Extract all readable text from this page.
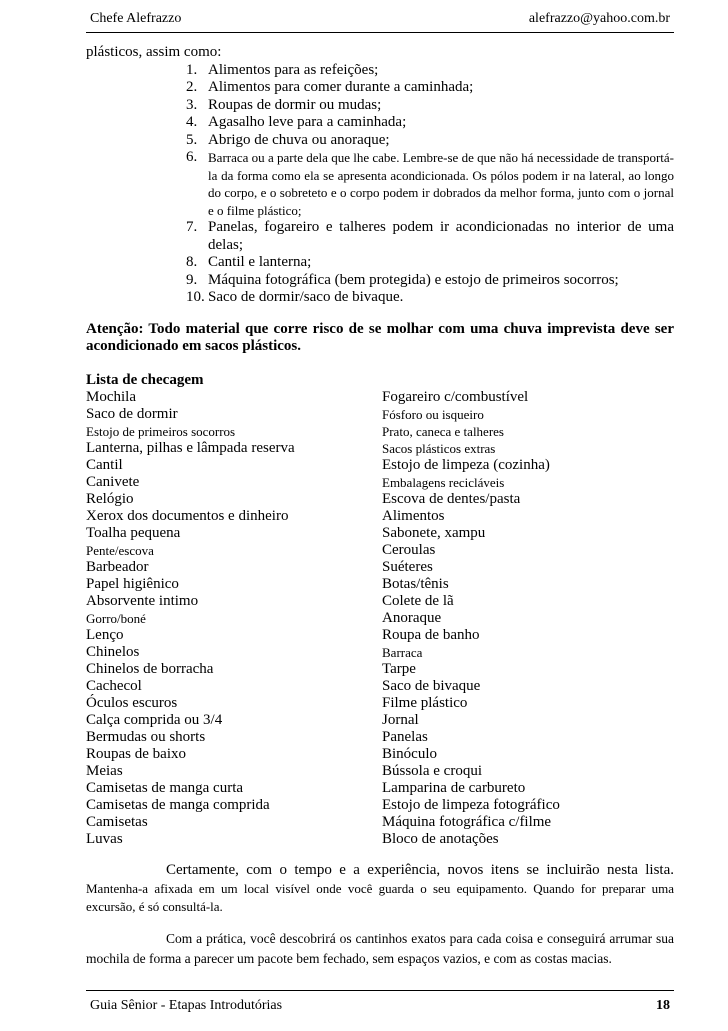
Chefe Alefrazzo	alefrazzo@yahoo.com.br

plásticos, assim como:

1. Alimentos para as refeições;
2. Alimentos para comer durante a caminhada;
3. Roupas de dormir ou mudas;
4. Agasalho leve para a caminhada;
5. Abrigo de chuva ou anoraque;
6. Barraca ou a parte dela que lhe cabe. Lembre-se de que não há necessidade de transportá-la da forma como ela se apresenta acondicionada. Os pólos podem ir na lateral, ao longo do corpo, e o sobreteto e o corpo podem ir dobrados da melhor forma, junto com o jornal e o filme plástico;
7. Panelas, fogareiro e talheres podem ir acondicionadas no interior de uma delas;
8. Cantil e lanterna;
9. Máquina fotográfica (bem protegida) e estojo de primeiros socorros;
10. Saco de dormir/saco de bivaque.
Atenção: Todo material que corre risco de se molhar com uma chuva imprevista deve ser acondicionado em sacos plásticos.
Lista de checagem
Mochila
Saco de dormir
Estojo de primeiros socorros
Lanterna, pilhas e lâmpada reserva
Cantil
Canivete
Relógio
Xerox dos documentos e dinheiro
Toalha pequena
Pente/escova
Barbeador
Papel higiênico
Absorvente intimo
Gorro/boné
Lenço
Chinelos
Chinelos de borracha
Cachecol
Óculos escuros
Calça comprida ou 3/4
Bermudas ou shorts
Roupas de baixo
Meias
Camisetas de manga curta
Camisetas de manga comprida
Camisetas
Luvas
Fogareiro c/combustível
Fósforo ou isqueiro
Prato, caneca e talheres
Sacos plásticos extras
Estojo de limpeza (cozinha)
Embalagens recicláveis
Escova de dentes/pasta
Alimentos
Sabonete, xampu
Ceroulas
Suéteres
Botas/tênis
Colete de lã
Anoraque
Roupa de banho
Barraca
Tarpe
Saco de bivaque
Filme plástico
Jornal
Panelas
Binóculo
Bússola e croqui
Lamparina de carbureto
Estojo de limpeza fotográfico
Máquina fotográfica c/filme
Bloco de anotações
Certamente, com o tempo e a experiência, novos itens se incluirão nesta lista.
Mantenha-a afixada em um local visível onde você guarda o seu equipamento. Quando for preparar uma excursão, é só consultá-la.
Com a prática, você descobrirá os cantinhos exatos para cada coisa e conseguirá arrumar sua mochila de forma a parecer um pacote bem fechado, sem espaços vazios, e com as costas macias.
Guia Sênior - Etapas Introdutórias	18
